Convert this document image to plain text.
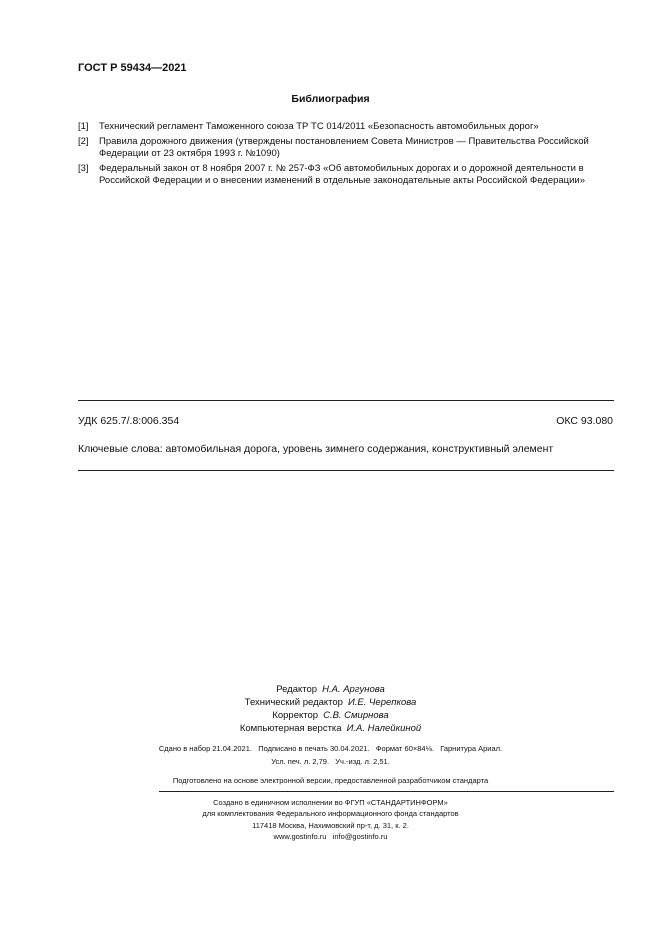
ГОСТ Р 59434—2021
Библиография
[1]	Технический регламент Таможенного союза ТР ТС 014/2011 «Безопасность автомобильных дорог»
[2]	Правила дорожного движения (утверждены постановлением Совета Министров — Правительства Российской Федерации от 23 октября 1993 г. №1090)
[3]	Федеральный закон от 8 ноября 2007 г. № 257-ФЗ «Об автомобильных дорогах и о дорожной деятельности в Российской Федерации и о внесении изменений в отдельные законодательные акты Российской Федерации»
УДК 625.7/.8:006.354	ОКС 93.080
Ключевые слова: автомобильная дорога, уровень зимнего содержания, конструктивный элемент
Редактор Н.А. Аргунова
Технический редактор И.Е. Черепкова
Корректор С.В. Смирнова
Компьютерная верстка И.А. Налейкиной
Сдано в набор 21.04.2021.   Подписано в печать 30.04.2021.   Формат 60×84⅛.   Гарнитура Ариал.
Усл. печ. л. 2,79.   Уч.-изд. л. 2,51.
Подготовлено на основе электронной версии, предоставленной разработчиком стандарта
Создано в единичном исполнении во ФГУП «СТАНДАРТИНФОРМ»
для комплектования Федерального информационного фонда стандартов
117418 Москва, Нахимовский пр-т, д. 31, к. 2.
www.gostinfo.ru   info@gostinfo.ru
